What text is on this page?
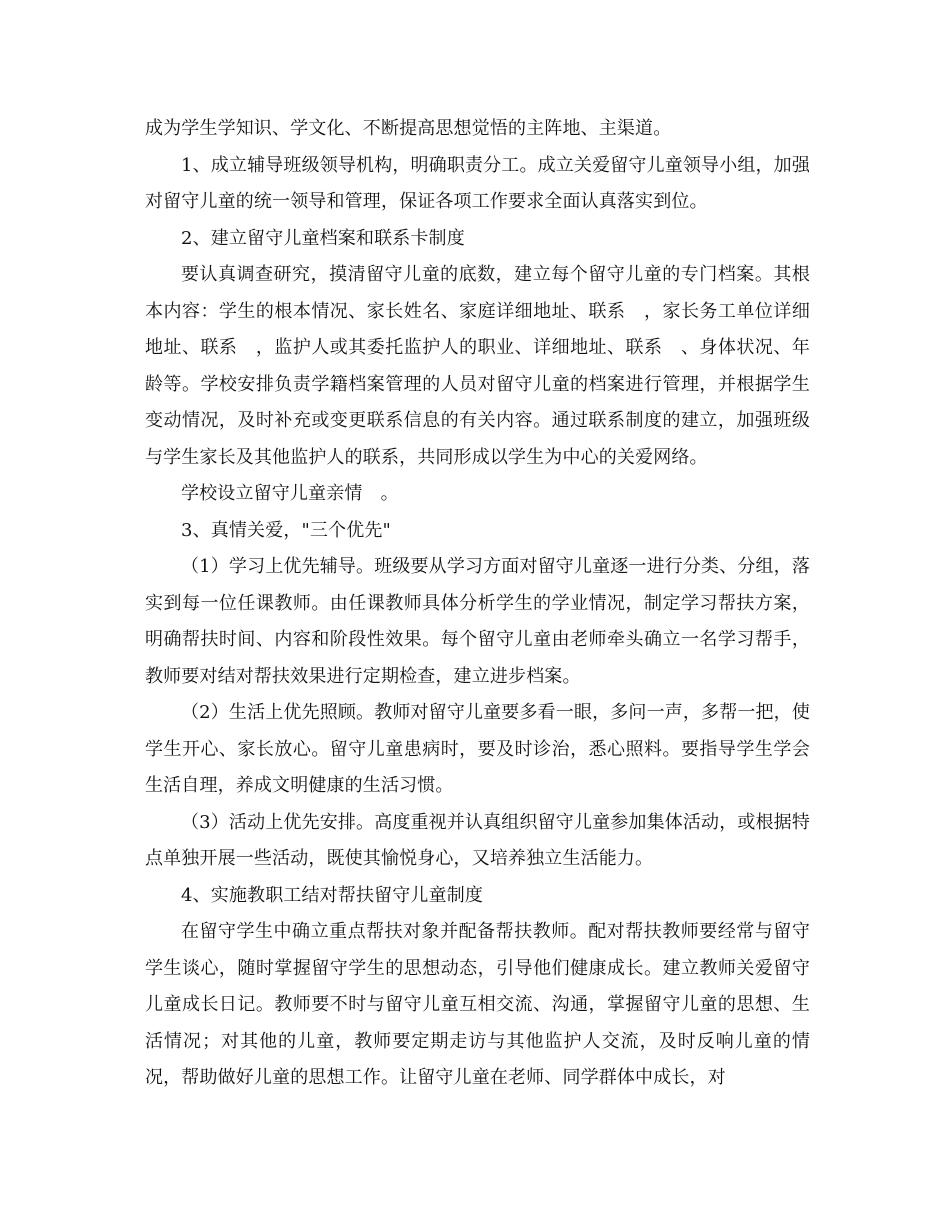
成为学生学知识、学文化、不断提高思想觉悟的主阵地、主渠道。

1、成立辅导班级领导机构，明确职责分工。成立关爱留守儿童领导小组，加强对留守儿童的统一领导和管理，保证各项工作要求全面认真落实到位。

2、建立留守儿童档案和联系卡制度

要认真调查研究，摸清留守儿童的底数，建立每个留守儿童的专门档案。其根本内容：学生的根本情况、家长姓名、家庭详细地址、联系　，家长务工单位详细地址、联系　，监护人或其委托监护人的职业、详细地址、联系　、身体状况、年龄等。学校安排负责学籍档案管理的人员对留守儿童的档案进行管理，并根据学生变动情况，及时补充或变更联系信息的有关内容。通过联系制度的建立，加强班级与学生家长及其他监护人的联系，共同形成以学生为中心的关爱网络。

学校设立留守儿童亲情　。

3、真情关爱，"三个优先"

（1）学习上优先辅导。班级要从学习方面对留守儿童逐一进行分类、分组，落实到每一位任课教师。由任课教师具体分析学生的学业情况，制定学习帮扶方案，明确帮扶时间、内容和阶段性效果。每个留守儿童由老师牵头确立一名学习帮手，教师要对结对帮扶效果进行定期检查，建立进步档案。

（2）生活上优先照顾。教师对留守儿童要多看一眼，多问一声，多帮一把，使学生开心、家长放心。留守儿童患病时，要及时诊治，悉心照料。要指导学生学会生活自理，养成文明健康的生活习惯。

（3）活动上优先安排。高度重视并认真组织留守儿童参加集体活动，或根据特点单独开展一些活动，既使其愉悦身心，又培养独立生活能力。

4、实施教职工结对帮扶留守儿童制度

在留守学生中确立重点帮扶对象并配备帮扶教师。配对帮扶教师要经常与留守学生谈心，随时掌握留守学生的思想动态，引导他们健康成长。建立教师关爱留守儿童成长日记。教师要不时与留守儿童互相交流、沟通，掌握留守儿童的思想、生活情况；对其他的儿童，教师要定期走访与其他监护人交流，及时反响儿童的情况，帮助做好儿童的思想工作。让留守儿童在老师、同学群体中成长，对
